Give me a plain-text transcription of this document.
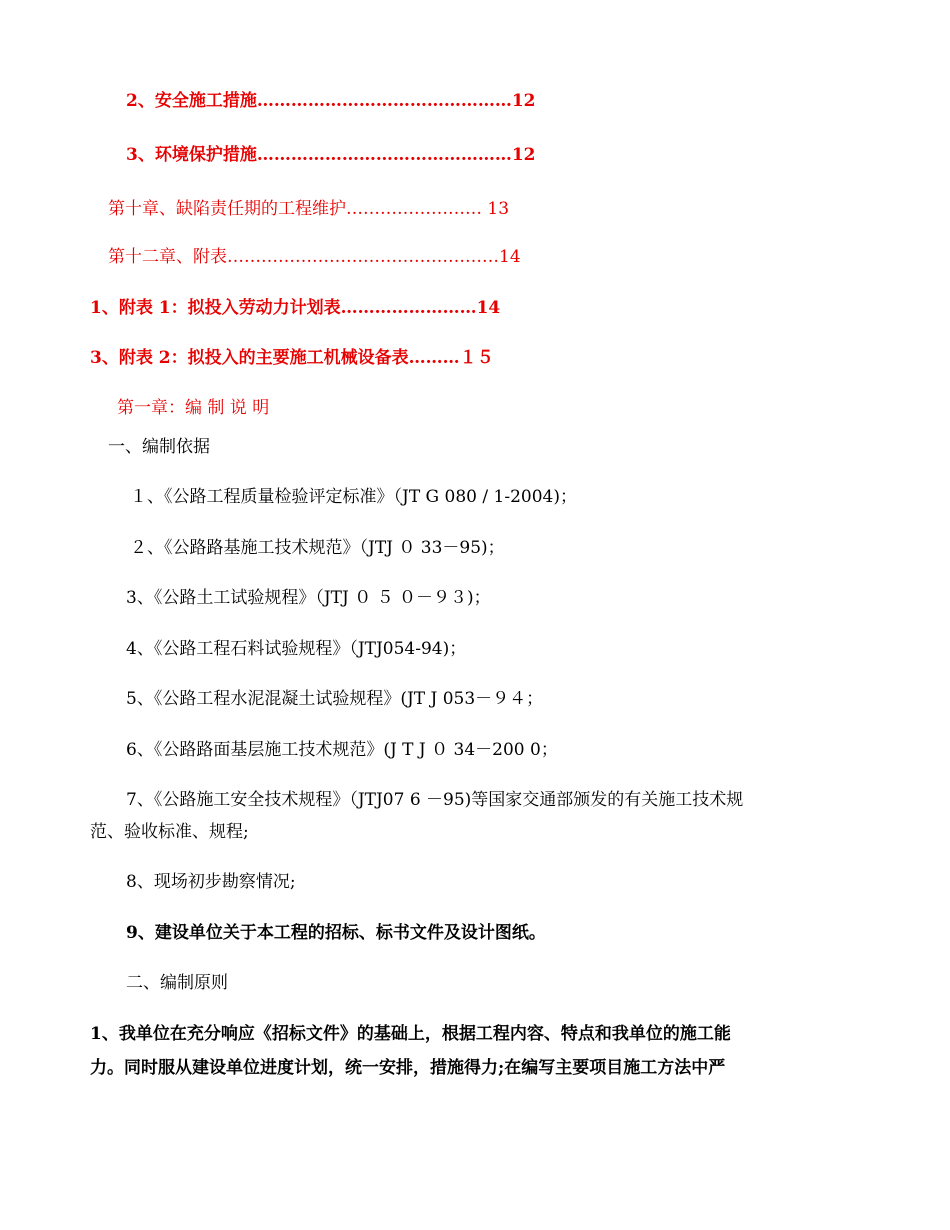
2、安全施工措施………………………………………12
3、环境保护措施………………………………………12
第十章、缺陷责任期的工程维护…………………… 13
第十二章、附表…………………………………………14
1、附表 1：拟投入劳动力计划表……………………14
3、附表 2：拟投入的主要施工机械设备表………１５
第一章：编 制 说 明
一、编制依据
１、《公路工程质量检验评定标准》（JT G 080 / 1-2004)；
２、《公路路基施工技术规范》（JTJ ０ 33－95)；
3、《公路土工试验规程》（JTJ ０ ５ ０－９３)；
4、《公路工程石料试验规程》（JTJ054-94)；
5、《公路工程水泥混凝土试验规程》(JT J 053－９４；
6、《公路路面基层施工技术规范》(J T J ０ 34－200 0；
7、《公路施工安全技术规程》（JTJ07 6 －95)等国家交通部颁发的有关施工技术规
范、验收标准、规程;
8、现场初步勘察情况;
9、建设单位关于本工程的招标、标书文件及设计图纸。
二、编制原则
1、我单位在充分响应《招标文件》的基础上，根据工程内容、特点和我单位的施工能
力。同时服从建设单位进度计划，统一安排，措施得力;在编写主要项目施工方法中严
